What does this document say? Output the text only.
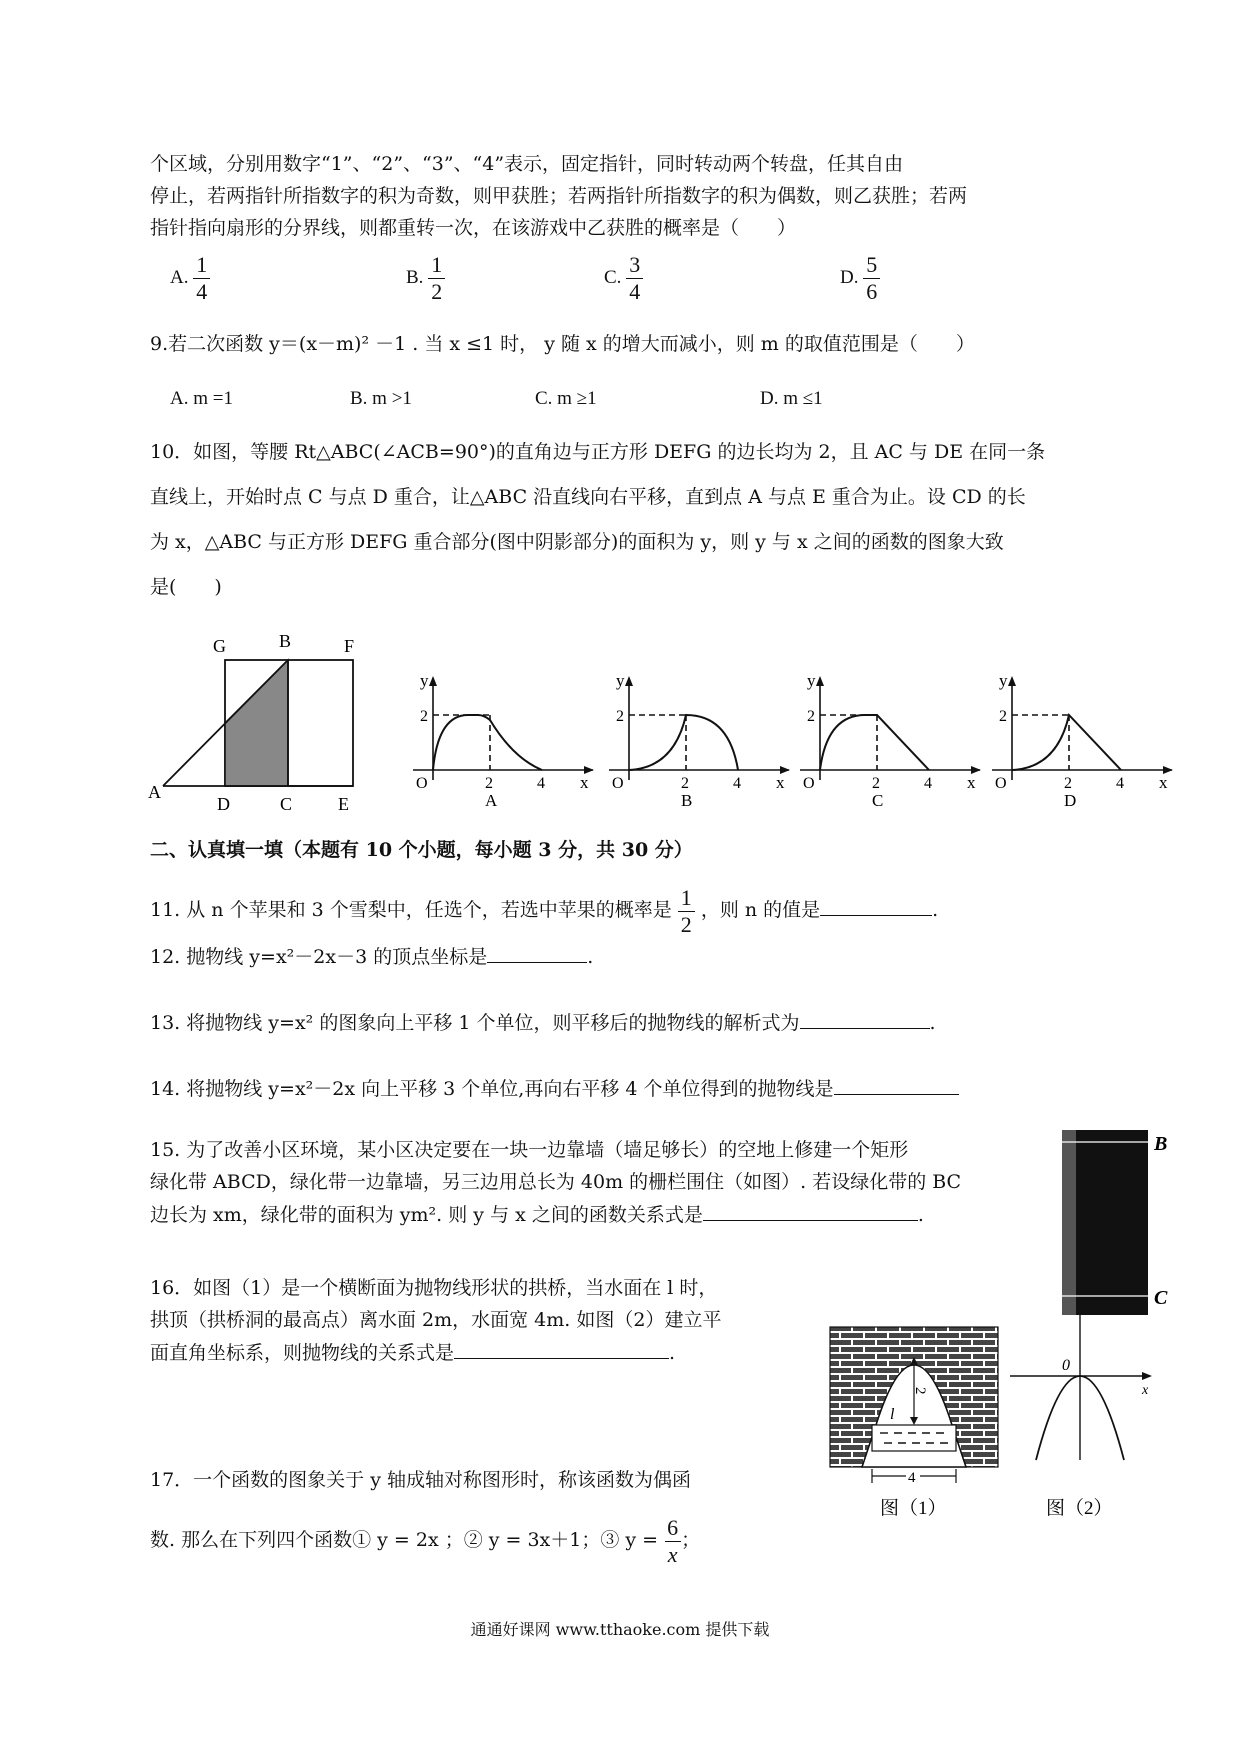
个区域，分别用数字“1”、“2”、“3”、“4”表示，固定指针，同时转动两个转盘，任其自由
停止，若两指针所指数字的积为奇数，则甲获胜；若两指针所指数字的积为偶数，则乙获胜；若两
指针指向扇形的分界线，则都重转一次，在该游戏中乙获胜的概率是（　　）
A. $\frac{1}{4}$	B. $\frac{1}{2}$	C. $\frac{3}{4}$	D. $\frac{5}{6}$
9.若二次函数 y＝(x－m)² －1 . 当 x ≤1 时， y 随 x 的增大而减小，则 m 的取值范围是（　　）
A. m =1	B. m >1	C. m ≥1	D. m ≤1
10．如图，等腰 Rt△ABC(∠ACB=90°)的直角边与正方形 DEFG 的边长均为 2，且 AC 与 DE 在同一条
直线上，开始时点 C 与点 D 重合，让△ABC 沿直线向右平移，直到点 A 与点 E 重合为止。设 CD 的长
为 x，△ABC 与正方形 DEFG 重合部分(图中阴影部分)的面积为 y，则 y 与 x 之间的函数的图象大致
是(　　)
G	B	F
A
D	C	E
y
2
O	2	4 x
A
y
2
O	2	4 x
B
y
2
O	2	4 x
C
y
2
O	2	4 x
D
二、认真填一填（本题有 10 个小题，每小题 3 分，共 30 分）
11. 从 n 个苹果和 3 个雪梨中，任选个，若选中苹果的概率是 $\frac{1}{2}$ ，则 n 的值是	.
12. 抛物线 y=x²－2x－3 的顶点坐标是	.
13. 将抛物线 y=x² 的图象向上平移 1 个单位，则平移后的抛物线的解析式为	.
14. 将抛物线 y=x²－2x 向上平移 3 个单位,再向右平移 4 个单位得到的抛物线是
15. 为了改善小区环境，某小区决定要在一块一边靠墙（墙足够长）的空地上修建一个矩形
绿化带 ABCD，绿化带一边靠墙，另三边用总长为 40m 的栅栏围住（如图）. 若设绿化带的 BC
边长为 xm，绿化带的面积为 ym². 则 y 与 x 之间的函数关系式是	.
B
C
16．如图（1）是一个横断面为抛物线形状的拱桥，当水面在 l 时，
拱顶（拱桥洞的最高点）离水面 2m，水面宽 4m. 如图（2）建立平
面直角坐标系，则抛物线的关系式是	.
2
l
4
图（1）
0
x
图（2）
17．一个函数的图象关于 y 轴成轴对称图形时，称该函数为偶函
数. 那么在下列四个函数① y = 2x ；② y = 3x＋1；③ $y = \frac{6}{x}$ ；
通通好课网 www.tthaoke.com 提供下载
